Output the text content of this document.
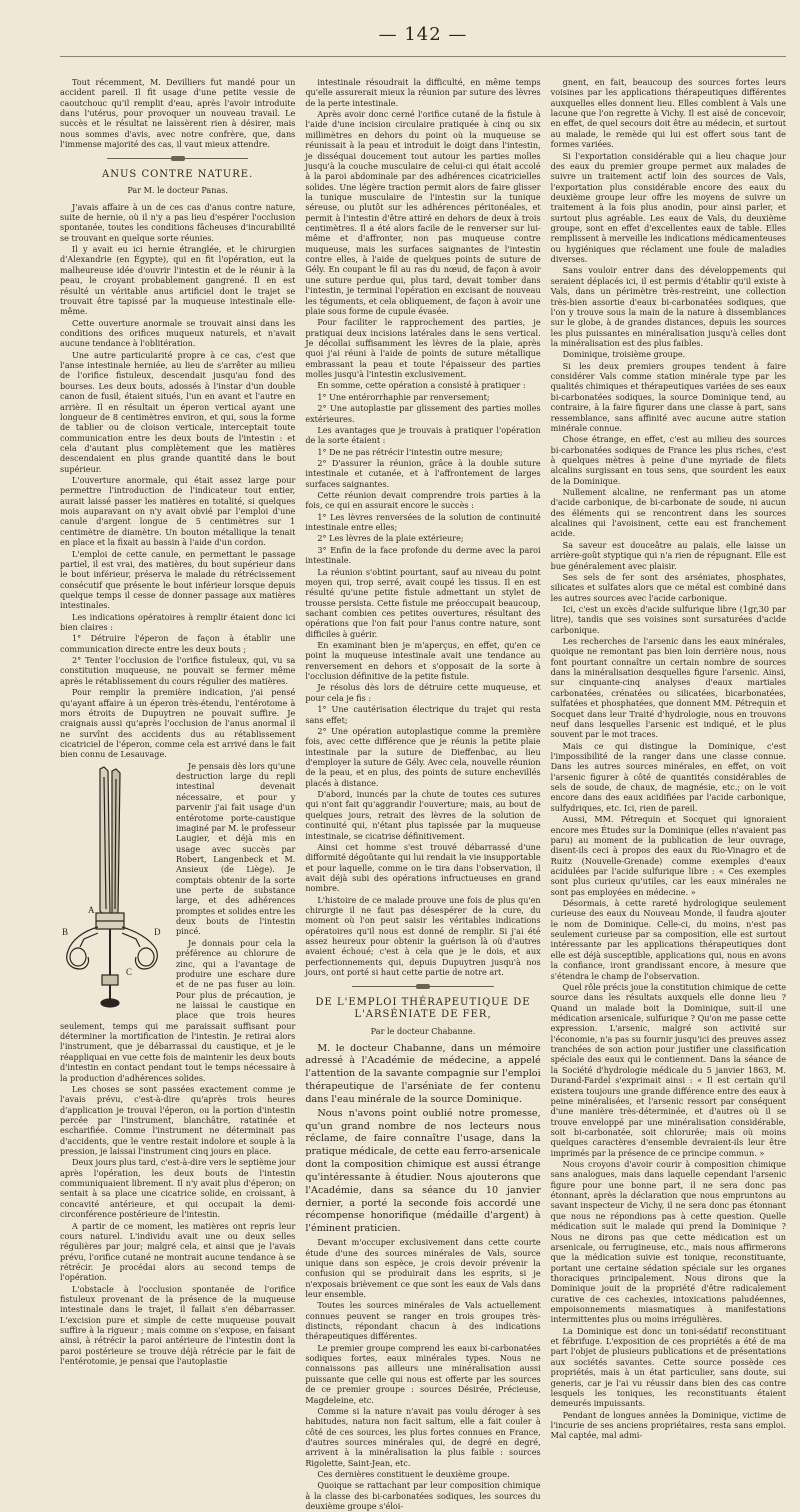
— 142 —

Tout récemment, M. Devilliers fut mandé pour un accident pareil. Il fit usage d'une petite vessie de caoutchouc qu'il remplit d'eau, après l'avoir introduite dans l'utérus, pour provoquer un nouveau travail. Le succès et le résultat ne laissèrent rien à désirer, mais nous sommes d'avis, avec notre confrère, que, dans l'immense majorité des cas, il vaut mieux attendre.

ANUS CONTRE NATURE.
Par M. le docteur Panas.

J'avais affaire à un de ces cas d'anus contre nature, suite de hernie, où il n'y a pas lieu d'espérer l'occlusion spontanée, toutes les conditions fâcheuses d'incurabilité se trouvant en quelque sorte réunies.

Il y avait eu ici hernie étranglée, et le chirurgien d'Alexandrie (en Égypte), qui en fit l'opération, eut la malheureuse idée d'ouvrir l'intestin et de le réunir à la peau, le croyant probablement gangrené. Il en est résulté un véritable anus artificiel dont le trajet se trouvait être tapissé par la muqueuse intestinale elle-même.

Cette ouverture anormale se trouvait ainsi dans les conditions des orifices muqueux naturels, et n'avait aucune tendance à l'oblitération.

Une autre particularité propre à ce cas, c'est que l'anse intestinale herniée, au lieu de s'arrêter au milieu de l'orifice fistuleux, descendait jusqu'au fond des bourses. Les deux bouts, adossés à l'instar d'un double canon de fusil, étaient situés, l'un en avant et l'autre en arrière. Il en résultait un éperon vertical ayant une longueur de 8 centimètres environ, et qui, sous la forme de tablier ou de cloison verticale, interceptait toute communication entre les deux bouts de l'intestin : et cela d'autant plus complètement que les matières descendaient en plus grande quantité dans le bout supérieur.

L'ouverture anormale, qui était assez large pour permettre l'introduction de l'indicateur tout entier, aurait laissé passer les matières en totalité, si quelques mois auparavant on n'y avait obvié par l'emploi d'une canule d'argent longue de 5 centimètres sur 1 centimètre de diamètre. Un bouton métallique la tenait en place et la fixait au bassin à l'aide d'un cordon.

L'emploi de cette canule, en permettant le passage partiel, il est vrai, des matières, du bout supérieur dans le bout inférieur, préserva le malade du rétrécissement consécutif que présente le bout inférieur lorsque depuis quelque temps il cesse de donner passage aux matières intestinales.

Les indications opératoires à remplir étaient donc ici bien claires :

1° Détruire l'éperon de façon à établir une communication directe entre les deux bouts ;

2° Tenter l'occlusion de l'orifice fistuleux, qui, vu sa constitution muqueuse, ne pouvait se fermer même après le rétablissement du cours régulier des matières.

Pour remplir la première indication, j'ai pensé qu'ayant affaire à un éperon très-étendu, l'entérotome à mors étroits de Dupuytren ne pouvait suffire. Je craignais aussi qu'après l'occlusion de l'anus anormal il ne survînt des accidents dus au rétablissement cicatriciel de l'éperon, comme cela est arrivé dans le fait bien connu de Lesauvage.

A
B
C
D

Je pensais dès lors qu'une destruction large du repli intestinal devenait nécessaire, et pour y parvenir j'ai fait usage d'un entérotome porte-caustique imaginé par M. le professeur Laugier, et déjà mis en usage avec succès par Robert, Langenbeck et M. Ansieux (de Liège). Je comptais obtenir de la sorte une perte de substance large, et des adhérences promptes et solides entre les deux bouts de l'intestin pincé.

Je donnais pour cela la préférence au chlorure de zinc, qui a l'avantage de produire une eschare dure et de ne pas fuser au loin. Pour plus de précaution, je ne laissai le caustique en place que trois heures seulement, temps qui me paraissait suffisant pour déterminer la mortification de l'intestin. Je retirai alors l'instrument, que je débarrassai du caustique, et je le réappliquai en vue cette fois de maintenir les deux bouts d'intestin en contact pendant tout le temps nécessaire à la production d'adhérences solides.

Les choses se sont passées exactement comme je l'avais prévu, c'est-à-dire qu'après trois heures d'application je trouvai l'éperon, ou la portion d'intestin percée par l'instrument, blanchâtre, ratatinée et escharifiée. Comme l'instrument ne déterminait pas d'accidents, que le ventre restait indolore et souple à la pression, je laissai l'instrument cinq jours en place.

Deux jours plus tard, c'est-à-dire vers le septième jour après l'opération, les deux bouts de l'intestin communiquaient librement. Il n'y avait plus d'éperon; on sentait à sa place une cicatrice solide, en croissant, à concavité antérieure, et qui occupait la demi-circonférence postérieure de l'intestin.

A partir de ce moment, les matières ont repris leur cours naturel. L'individu avait une ou deux selles régulières par jour; malgré cela, et ainsi que je l'avais prévu, l'orifice cutané ne montrait aucune tendance à se rétrécir. Je procédai alors au second temps de l'opération.

L'obstacle à l'occlusion spontanée de l'orifice fistuleux provenant de la présence de la muqueuse intestinale dans le trajet, il fallait s'en débarrasser. L'excision pure et simple de cette muqueuse pouvait suffire à la rigueur ; mais comme on s'expose, en faisant ainsi, à rétrécir la paroi antérieure de l'intestin dont la paroi postérieure se trouve déjà rétrécie par le fait de l'entérotomie, je pensai que l'autoplastie

intestinale résoudrait la difficulté, en même temps qu'elle assurerait mieux la réunion par suture des lèvres de la perte intestinale.

Après avoir donc cerné l'orifice cutané de la fistule à l'aide d'une incision circulaire pratiquée à cinq ou six millimètres en dehors du point où la muqueuse se réunissait à la peau et introduit le doigt dans l'intestin, je disséquai doucement tout autour les parties molles jusqu'à la couche musculaire de celui-ci qui était accolé à la paroi abdominale par des adhérences cicatricielles solides. Une légère traction permit alors de faire glisser la tunique musculaire de l'intestin sur la tunique séreuse, ou plutôt sur les adhérences péritonéales, et permit à l'intestin d'être attiré en dehors de deux à trois centimètres. Il a été alors facile de le renverser sur lui-même et d'affronter, non pas muqueuse contre muqueuse, mais les surfaces saignantes de l'intestin contre elles, à l'aide de quelques points de suture de Gély. En coupant le fil au ras du nœud, de façon à avoir une suture perdue qui, plus tard, devait tomber dans l'intestin, je terminai l'opération en excisant de nouveau les téguments, et cela obliquement, de façon à avoir une plaie sous forme de cupule évasée.

Pour faciliter le rapprochement des parties, je pratiquai deux incisions latérales dans le sens vertical. Je décollai suffisamment les lèvres de la plaie, après quoi j'ai réuni à l'aide de points de suture métallique embrassant la peau et toute l'épaisseur des parties molles jusqu'à l'intestin exclusivement.

En somme, cette opération a consisté à pratiquer :

1° Une entérorrhaphie par renversement;

2° Une autoplastie par glissement des parties molles extérieures.

Les avantages que je trouvais à pratiquer l'opération de la sorte étaient :

1° De ne pas rétrécir l'intestin outre mesure;

2° D'assurer la réunion, grâce à la double suture intestinale et cutanée, et à l'affrontement de larges surfaces saignantes.

Cette réunion devait comprendre trois parties à la fois, ce qui en assurait encore le succès :

1° Les lèvres renversées de la solution de continuité intestinale entre elles;

2° Les lèvres de la plaie extérieure;

3° Enfin de la face profonde du derme avec la paroi intestinale.

La réunion s'obtint pourtant, sauf au niveau du point moyen qui, trop serré, avait coupé les tissus. Il en est résulté qu'une petite fistule admettant un stylet de trousse persista. Cette fistule me préoccupait beaucoup, sachant combien ces petites ouvertures, résultant des opérations que l'on fait pour l'anus contre nature, sont difficiles à guérir.

En examinant bien je m'aperçus, en effet, qu'en ce point la muqueuse intestinale avait une tendance au renversement en dehors et s'opposait de la sorte à l'occlusion définitive de la petite fistule.

Je résolus dès lors de détruire cette muqueuse, et pour cela je fis :

1° Une cautérisation électrique du trajet qui resta sans effet;

2° Une opération autoplastique comme la première fois, avec cette différence que je réunis la petite plaie intestinale par la suture de Dieffenbac, au lieu d'employer la suture de Gély. Avec cela, nouvelle réunion de la peau, et en plus, des points de suture enchevillés placés à distance.

D'abord, inuncés par la chute de toutes ces sutures qui n'ont fait qu'aggrandir l'ouverture; mais, au bout de quelques jours, retrait des lèvres de la solution de continuité qui, n'étant plus tapissée par la muqueuse intestinale, se cicatrise définitivement.

Ainsi cet homme s'est trouvé débarrassé d'une difformité dégoûtante qui lui rendait la vie insupportable et pour laquelle, comme on le tira dans l'observation, il avait déjà subi des opérations infructueuses en grand nombre.

L'histoire de ce malade prouve une fois de plus qu'en chirurgie il ne faut pas désespérer de la cure, du moment où l'on peut saisir les véritables indications opératoires qu'il nous est donné de remplir. Si j'ai été assez heureux pour obtenir la guérison là où d'autres avaient échoué; c'est à cela que je le dois, et aux perfectionnements qui, depuis Dupuytren jusqu'à nos jours, ont porté si haut cette partie de notre art.

DE L'EMPLOI THÉRAPEUTIQUE DE L'ARSÉNIATE DE FER,
Par le docteur Chabanne.

M. le docteur Chabanne, dans un mémoire adressé à l'Académie de médecine, a appelé l'attention de la savante compagnie sur l'emploi thérapeutique de l'arséniate de fer contenu dans l'eau minérale de la source Dominique.

Nous n'avons point oublié notre promesse, qu'un grand nombre de nos lecteurs nous réclame, de faire connaître l'usage, dans la pratique médicale, de cette eau ferro-arsenicale dont la composition chimique est aussi étrange qu'intéressante à étudier. Nous ajouterons que l'Académie, dans sa séance du 10 janvier dernier, a porté la seconde fois accordé une récompense honorifique (médaille d'argent) à l'éminent praticien.

Devant m'occuper exclusivement dans cette courte étude d'une des sources minérales de Vals, source unique dans son espèce, je crois devoir prévenir la confusion qui se produirait dans les esprits, si je n'exposais brièvement ce que sont les eaux de Vals dans leur ensemble.

Toutes les sources minérales de Vals actuellement connues peuvent se ranger en trois groupes très-distincts, répondant chacun à des indications thérapeutiques différentes.

Le premier groupe comprend les eaux bi-carbonatées sodiques fortes, eaux minérales types. Nous ne connaissons pas ailleurs une minéralisation aussi puissante que celle qui nous est offerte par les sources de ce premier groupe : sources Désirée, Précieuse, Magdeleine, etc.

Comme si la nature n'avait pas voulu déroger à ses habitudes, natura non facit saltum, elle a fait couler à côté de ces sources, les plus fortes connues en France, d'autres sources minérales qui, de degré en degré, arrivent à la minéralisation la plus faible : sources Rigolette, Saint-Jean, etc.

Ces dernières constituent le deuxième groupe.

Quoique se rattachant par leur composition chimique à la classe des bi-carbonatées sodiques, les sources du deuxième groupe s'éloi-

gnent, en fait, beaucoup des sources fortes leurs voisines par les applications thérapeutiques différentes auxquelles elles donnent lieu. Elles comblent à Vals une lacune que l'on regrette à Vichy. Il est aisé de concevoir, en effet, de quel secours doit être au médecin, et surtout au malade, le remède qui lui est offert sous tant de formes variées.

Si l'exportation considérable qui a lieu chaque jour des eaux du premier groupe permet aux malades de suivre un traitement actif loin des sources de Vals, l'exportation plus considérable encore des eaux du deuxième groupe leur offre les moyens de suivre un traitement à la fois plus anodin, pour ainsi parler, et surtout plus agréable. Les eaux de Vals, du deuxième groupe, sont en effet d'excellentes eaux de table. Elles remplissent à merveille les indications médicamenteuses ou hygiéniques que réclament une foule de maladies diverses.

Sans vouloir entrer dans des développements qui seraient déplacés ici, il est permis d'établir qu'il existe à Vals, dans un périmètre très-restreint, une collection très-bien assortie d'eaux bi-carbonatées sodiques, que l'on y trouve sous la main de la nature à dissemblances sur le globe, à de grandes distances, depuis les sources les plus puissantes en minéralisation jusqu'à celles dont la minéralisation est des plus faibles.

Dominique, troisième groupe.

Si les deux premiers groupes tendent à faire considérer Vals comme station minérale type par les qualités chimiques et thérapeutiques variées de ses eaux bi-carbonatées sodiques, la source Dominique tend, au contraire, à la faire figurer dans une classe à part, sans ressemblance, sans affinité avec aucune autre station minérale connue.

Chose étrange, en effet, c'est au milieu des sources bi-carbonatées sodiques de France les plus riches, c'est à quelques mètres à peine d'une myriade de filets alcalins surgissant en tous sens, que sourdent les eaux de la Dominique.

Nullement alcaline, ne renfermant pas un atome d'acide carbonique, de bi-carbonate de soude, ni aucun des éléments qui se rencontrent dans les sources alcalines qui l'avoisinent, cette eau est franchement acide.

Sa saveur est douceâtre au palais, elle laisse un arrière-goût styptique qui n'a rien de répugnant. Elle est bue généralement avec plaisir.

Ses sels de fer sont des arséniates, phosphates, silicates et sulfates alors que ce métal est combiné dans les autres sources avec l'acide carbonique.

Ici, c'est un excès d'acide sulfurique libre (1gr,30 par litre), tandis que ses voisines sont sursaturées d'acide carbonique.

Les recherches de l'arsenic dans les eaux minérales, quoique ne remontant pas bien loin derrière nous, nous font pourtant connaître un certain nombre de sources dans la minéralisation desquelles figure l'arsenic. Ainsi, sur cinquante-cinq analyses d'eaux martiales carbonatées, crénatées ou silicatées, bicarbonatées, sulfatées et phosphatées, que donnent MM. Pétrequin et Socquet dans leur Traité d'hydrologie, nous en trouvons neuf dans lesquelles l'arsenic est indiqué, et le plus souvent par le mot traces.

Mais ce qui distingue la Dominique, c'est l'impossibilité de la ranger dans une classe connue. Dans les autres sources minérales, en effet, on voit l'arsenic figurer à côté de quantités considérables de sels de soude, de chaux, de magnésie, etc.; on le voit encore dans des eaux acidifiées par l'acide carbonique, sulfydriques, etc. Ici, rien de pareil.

Aussi, MM. Pétrequin et Socquet qui ignoraient encore mes Études sur la Dominique (elles n'avaient pas paru) au moment de la publication de leur ouvrage, disent-ils ceci à propos des eaux du Rio-Vinagro et de Ruitz (Nouvelle-Grenade) comme exemples d'eaux acidulées par l'acide sulfurique libre : « Ces exemples sont plus curieux qu'utiles, car les eaux minérales ne sont pas employées en médecine. »

Désormais, à cette rareté hydrologique seulement curieuse des eaux du Nouveau Monde, il faudra ajouter le nom de Dominique. Celle-ci, du moins, n'est pas seulement curieuse par sa composition, elle est surtout intéressante par les applications thérapeutiques dont elle est déjà susceptible, applications qui, nous en avons la confiance, iront grandissant encore, à mesure que s'étendra le champ de l'observation.

Quel rôle précis joue la constitution chimique de cette source dans les résultats auxquels elle donne lieu ? Quand un malade boit la Dominique, suit-il une médication arsenicale, sulfurique ? Qu'on me passe cette expression. L'arsenic, malgré son activité sur l'économie, n'a pas su fournir jusqu'ici des preuves assez tranchées de son action pour justifier une classification spéciale des eaux qui le contiennent. Dans la séance de la Société d'hydrologie médicale du 5 janvier 1863, M. Durand-Fardel s'exprimait ainsi : « Il est certain qu'il existera toujours une grande différence entre des eaux à peine minéralisées, et l'arsenic ressort par conséquent d'une manière très-déterminée, et d'autres où il se trouve enveloppé par une minéralisation considérable, soit bi-carbonatée, soit chlorurée; mais où moins quelques caractères d'ensemble devraient-ils leur être imprimés par la présence de ce principe commun. »

Nous croyons d'avoir courir à composition chimique sans analogues, mais dans laquelle cependant l'arsenic figure pour une bonne part, il ne sera donc pas étonnant, après la déclaration que nous empruntons au savant inspecteur de Vichy, il ne sera donc pas étonnant que nous ne répondions pas à cette question. Quelle médication suit le malade qui prend la Dominique ? Nous ne dirons pas que cette médication est un arsenicale, ou ferrugineuse, etc., mais nous affirmerons que la médication suivie est tonique, reconstituante, portant une certaine sédation spéciale sur les organes thoraciques principalement. Nous dirons que la Dominique jouit de la propriété d'être radicalement curative de ces cachexies, intoxications paludéennes, empoisonnements miasmatiques à manifestations intermittentes plus ou moins irrégulières.

La Dominique est donc un toni-sédatif reconstituant et fébrifuge. L'exposition de ces propriétés a été de ma part l'objet de plusieurs publications et de présentations aux sociétés savantes. Cette source possède ces propriétés, mais à un état particulier, sans doute, sui generis, car je l'ai vu réussir dans bien des cas contre lesquels les toniques, les reconstituants étaient demeurés impuissants.

Pendant de longues années la Dominique, victime de l'incurie de ses anciens propriétaires, resta sans emploi. Mal captée, mal admi-
